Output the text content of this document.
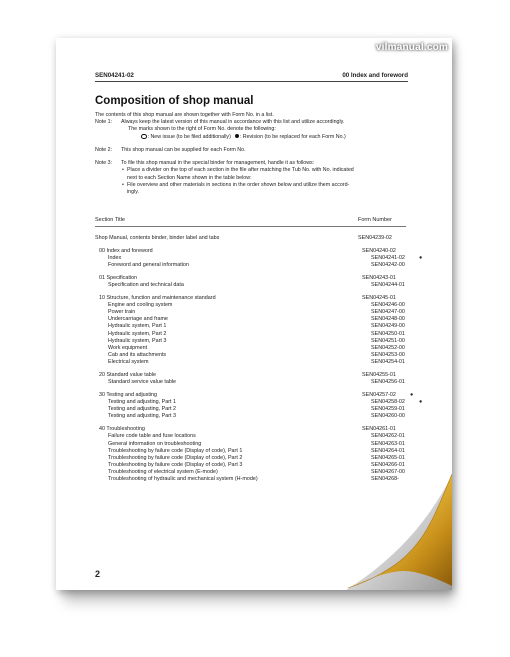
SEN04241-02	00 Index and foreword
Composition of shop manual
The contents of this shop manual are shown together with Form No. in a list.
Note 1:	Always keep the latest version of this manual in accordance with this list and utilize accordingly.
The marks shown to the right of Form No. denote the following:
: New issue (to be filed additionally) : Revision (to be replaced for each Form No.)
Note 2:	This shop manual can be supplied for each Form No.
Note 3:	To file this shop manual in the special binder for management, handle it as follows:
• Place a divider on the top of each section in the file after matching the Tub No. with No. indicated
next to each Section Name shown in the table below:
• File overview and other materials in sections in the order shown below and utilize them accord-
ingly.
Section Title	Form Number
Shop Manual, contents binder, binder label and tabs	SEN04239-02
00 Index and foreword	SEN04240-02
Index	SEN04241-02	●
Foreword and general information	SEN04242-00
01 Specification	SEN04243-01
Specification and technical data	SEN04244-01
10 Structure, function and maintenance standard	SEN04245-01
Engine and cooling system	SEN04246-00
Power train	SEN04247-00
Undercarriage and frame	SEN04248-00
Hydraulic system, Part 1	SEN04249-00
Hydraulic system, Part 2	SEN04250-01
Hydraulic system, Part 3	SEN04251-00
Work equipment	SEN04252-00
Cab and its attachments	SEN04253-00
Electrical system	SEN04254-01
20 Standard value table	SEN04255-01
Standard service value table	SEN04256-01
30 Testing and adjusting	SEN04257-02	●
Testing and adjusting, Part 1	SEN04258-02	●
Testing and adjusting, Part 2	SEN04259-01
Testing and adjusting, Part 3	SEN04260-00
40 Troubleshooting	SEN04261-01
Failure code table and fuse locations	SEN04262-01
General information on troubleshooting	SEN04263-01
Troubleshooting by failure code (Display of code), Part 1	SEN04264-01
Troubleshooting by failure code (Display of code), Part 2	SEN04265-01
Troubleshooting by failure code (Display of code), Part 3	SEN04266-01
Troubleshooting of electrical system (E-mode)	SEN04267-00
Troubleshooting of hydraulic and mechanical system (H-mode)	SEN04268-
2
vilmanual.com
